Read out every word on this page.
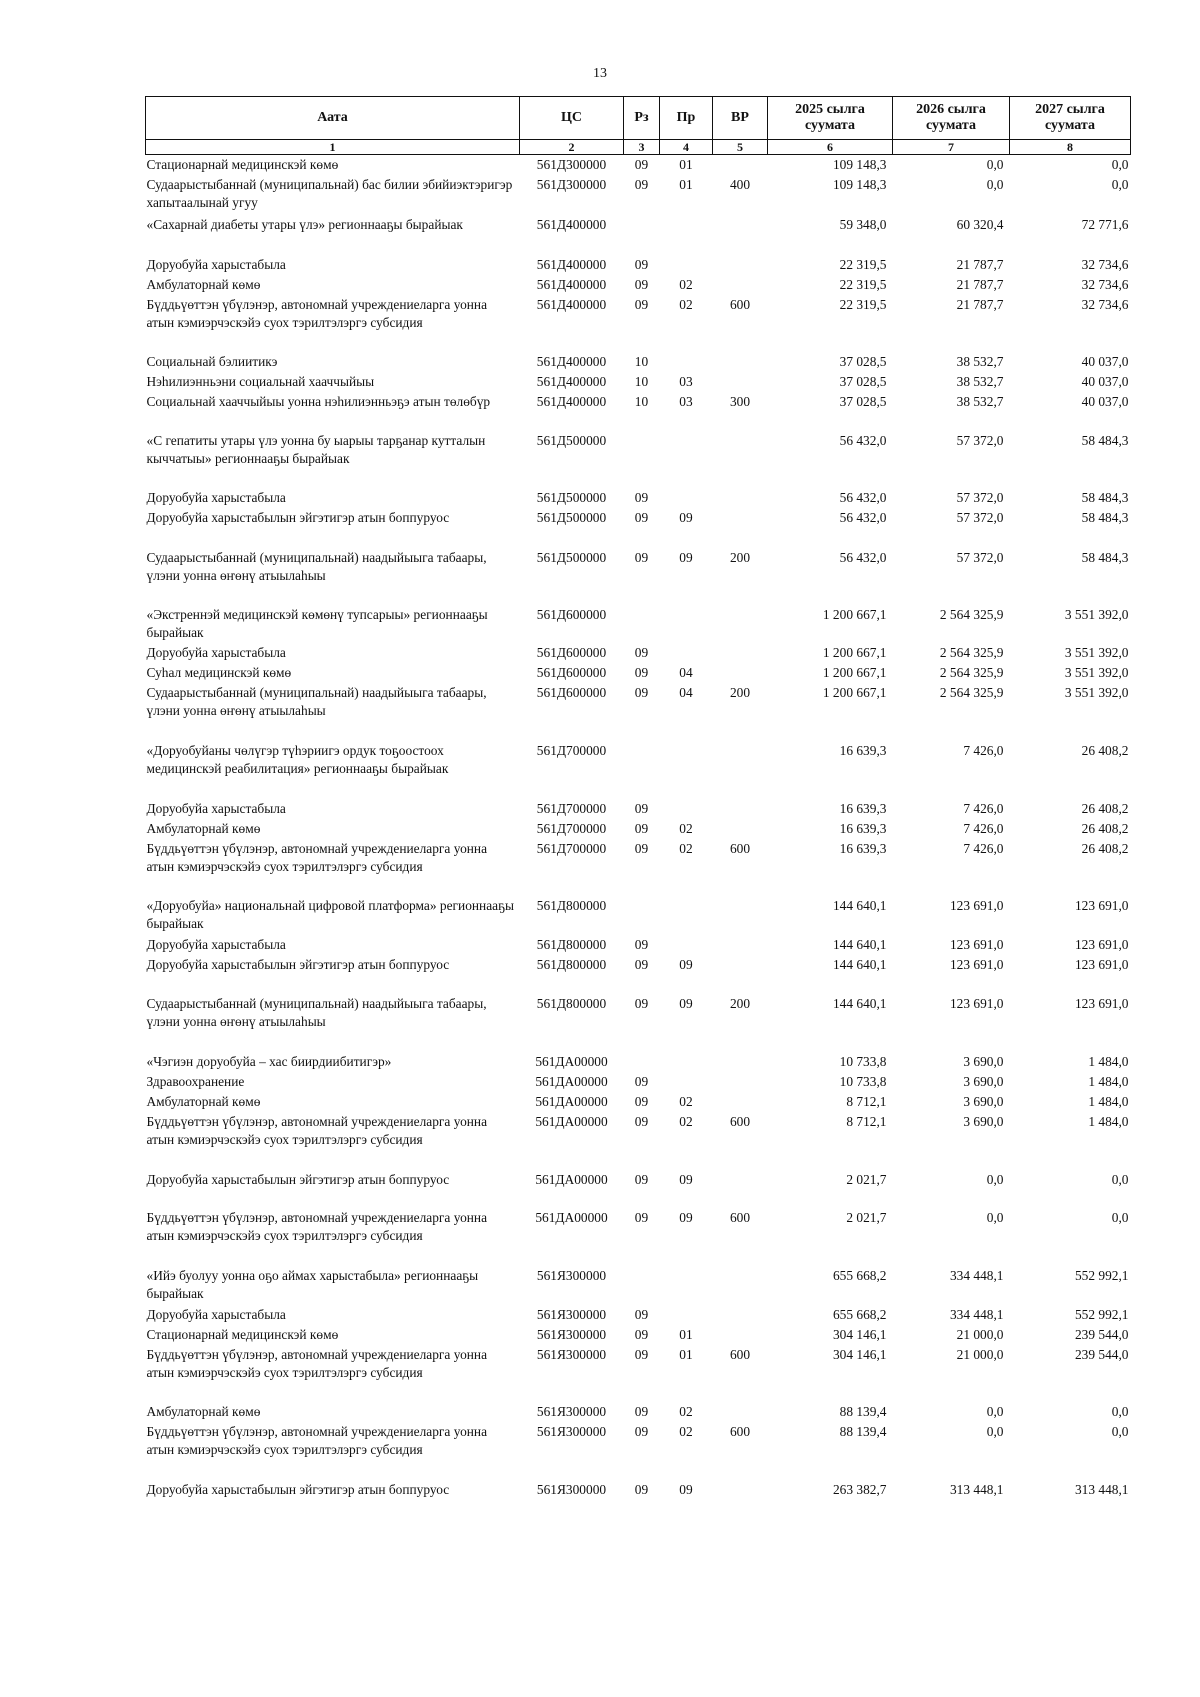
13
Аата	ЦС	Рз	Пр	ВР	2025 сылга суумата	2026 сылга суумата	2027 сылга суумата
1	2	3	4	5	6	7	8
Стационарнай медицинскэй көмө	561Д300000	09	01		109 148,3	0,0	0,0
Судаарыстыбаннай (муниципальнай) бас билии эбийиэктэригэр хапытаалынай угуу	561Д300000	09	01	400	109 148,3	0,0	0,0
«Сахарнай диабеты утары үлэ» регионнааҕы бырайыак	561Д400000				59 348,0	60 320,4	72 771,6
Доруобуйа харыстабыла	561Д400000	09			22 319,5	21 787,7	32 734,6
Амбулаторнай көмө	561Д400000	09	02		22 319,5	21 787,7	32 734,6
Бүддьүөттэн үбүлэнэр, автономнай учреждениеларга уонна атын кэмиэрчэскэйэ суох тэрилтэлэргэ субсидия	561Д400000	09	02	600	22 319,5	21 787,7	32 734,6
Социальнай бэлиитикэ	561Д400000	10			37 028,5	38 532,7	40 037,0
Нэһилиэнньэни социальнай хааччыйыы	561Д400000	10	03		37 028,5	38 532,7	40 037,0
Социальнай хааччыйыы уонна нэһилиэнньэҕэ атын төлөбүр	561Д400000	10	03	300	37 028,5	38 532,7	40 037,0
«С гепатиты утары үлэ уонна бу ыарыы тарҕанар кутталын кыччатыы» регионнааҕы бырайыак	561Д500000				56 432,0	57 372,0	58 484,3
Доруобуйа харыстабыла	561Д500000	09			56 432,0	57 372,0	58 484,3
Доруобуйа харыстабылын эйгэтигэр атын боппуруос	561Д500000	09	09		56 432,0	57 372,0	58 484,3
Судаарыстыбаннай (муниципальнай) наадыйыыга табаары, үлэни уонна өҥөнү атыылаһыы	561Д500000	09	09	200	56 432,0	57 372,0	58 484,3
«Экстреннэй медицинскэй көмөнү тупсарыы» регионнааҕы бырайыак	561Д600000				1 200 667,1	2 564 325,9	3 551 392,0
Доруобуйа харыстабыла	561Д600000	09			1 200 667,1	2 564 325,9	3 551 392,0
Суһал медицинскэй көмө	561Д600000	09	04		1 200 667,1	2 564 325,9	3 551 392,0
Судаарыстыбаннай (муниципальнай) наадыйыыга табаары, үлэни уонна өҥөнү атыылаһыы	561Д600000	09	04	200	1 200 667,1	2 564 325,9	3 551 392,0
«Доруобуйаны чөлүгэр түһэриигэ ордук тоҕоостоох медицинскэй реабилитация» регионнааҕы бырайыак	561Д700000				16 639,3	7 426,0	26 408,2
Доруобуйа харыстабыла	561Д700000	09			16 639,3	7 426,0	26 408,2
Амбулаторнай көмө	561Д700000	09	02		16 639,3	7 426,0	26 408,2
Бүддьүөттэн үбүлэнэр, автономнай учреждениеларга уонна атын кэмиэрчэскэйэ суох тэрилтэлэргэ субсидия	561Д700000	09	02	600	16 639,3	7 426,0	26 408,2
«Доруобуйа» национальнай цифровой платформа» регионнааҕы бырайыак	561Д800000				144 640,1	123 691,0	123 691,0
Доруобуйа харыстабыла	561Д800000	09			144 640,1	123 691,0	123 691,0
Доруобуйа харыстабылын эйгэтигэр атын боппуруос	561Д800000	09	09		144 640,1	123 691,0	123 691,0
Судаарыстыбаннай (муниципальнай) наадыйыыга табаары, үлэни уонна өҥөнү атыылаһыы	561Д800000	09	09	200	144 640,1	123 691,0	123 691,0
«Чэгиэн доруобуйа – хас биирдиибитигэр»	561ДА00000				10 733,8	3 690,0	1 484,0
Здравоохранение	561ДА00000	09			10 733,8	3 690,0	1 484,0
Амбулаторнай көмө	561ДА00000	09	02		8 712,1	3 690,0	1 484,0
Бүддьүөттэн үбүлэнэр, автономнай учреждениеларга уонна атын кэмиэрчэскэйэ суох тэрилтэлэргэ субсидия	561ДА00000	09	02	600	8 712,1	3 690,0	1 484,0
Доруобуйа харыстабылын эйгэтигэр атын боппуруос	561ДА00000	09	09		2 021,7	0,0	0,0
Бүддьүөттэн үбүлэнэр, автономнай учреждениеларга уонна атын кэмиэрчэскэйэ суох тэрилтэлэргэ субсидия	561ДА00000	09	09	600	2 021,7	0,0	0,0
«Ийэ буолуу уонна оҕо аймах харыстабыла» регионнааҕы бырайыак	561Я300000				655 668,2	334 448,1	552 992,1
Доруобуйа харыстабыла	561Я300000	09			655 668,2	334 448,1	552 992,1
Стационарнай медицинскэй көмө	561Я300000	09	01		304 146,1	21 000,0	239 544,0
Бүддьүөттэн үбүлэнэр, автономнай учреждениеларга уонна атын кэмиэрчэскэйэ суох тэрилтэлэргэ субсидия	561Я300000	09	01	600	304 146,1	21 000,0	239 544,0
Амбулаторнай көмө	561Я300000	09	02		88 139,4	0,0	0,0
Бүддьүөттэн үбүлэнэр, автономнай учреждениеларга уонна атын кэмиэрчэскэйэ суох тэрилтэлэргэ субсидия	561Я300000	09	02	600	88 139,4	0,0	0,0
Доруобуйа харыстабылын эйгэтигэр атын боппуруос	561Я300000	09	09		263 382,7	313 448,1	313 448,1
